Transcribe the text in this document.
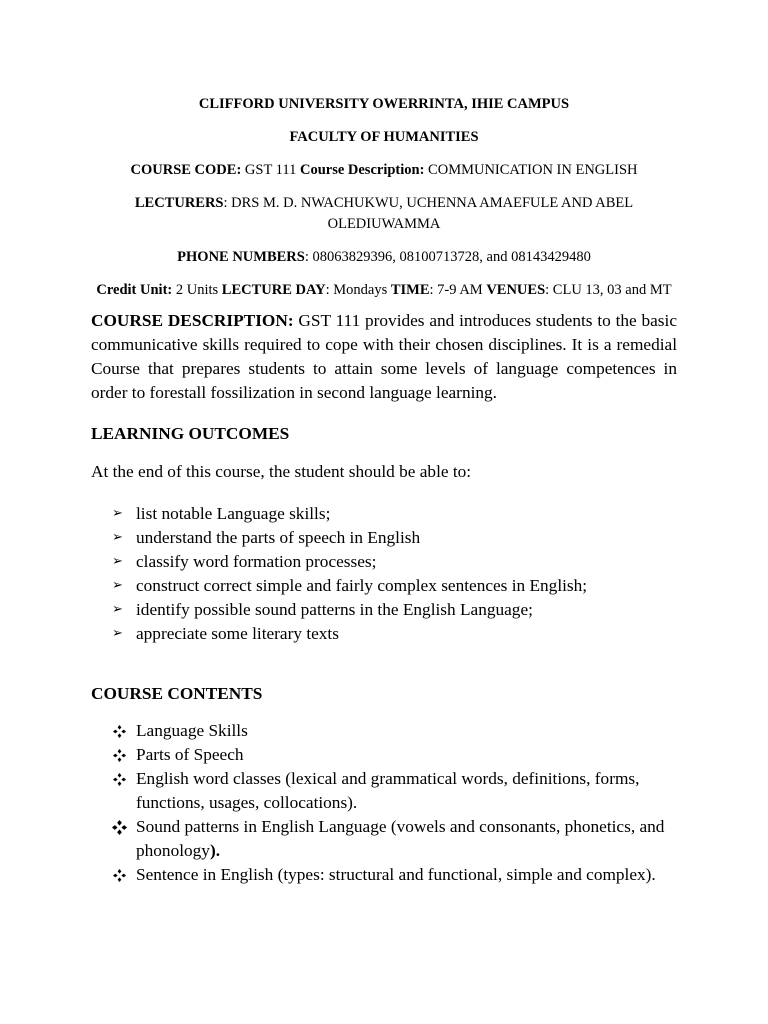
CLIFFORD UNIVERSITY OWERRINTA, IHIE CAMPUS

FACULTY OF HUMANITIES

COURSE CODE: GST 111 Course Description: COMMUNICATION IN ENGLISH

LECTURERS: DRS M. D. NWACHUKWU, UCHENNA AMAEFULE AND ABEL OLEDIUWAMMA

PHONE NUMBERS: 08063829396, 08100713728, and 08143429480

Credit Unit: 2 Units LECTURE DAY: Mondays TIME: 7-9 AM VENUES: CLU 13, 03 and MT

COURSE DESCRIPTION: GST 111 provides and introduces students to the basic communicative skills required to cope with their chosen disciplines. It is a remedial Course that prepares students to attain some levels of language competences in order to forestall fossilization in second language learning.

LEARNING OUTCOMES

At the end of this course, the student should be able to:

➢ list notable Language skills;
➢ understand the parts of speech in English
➢ classify word formation processes;
➢ construct correct simple and fairly complex sentences in English;
➢ identify possible sound patterns in the English Language;
➢ appreciate some literary texts

COURSE CONTENTS

Language Skills
Parts of Speech
English word classes (lexical and grammatical words, definitions, forms, functions, usages, collocations).
Sound patterns in English Language (vowels and consonants, phonetics, and phonology).
Sentence in English (types: structural and functional, simple and complex).
